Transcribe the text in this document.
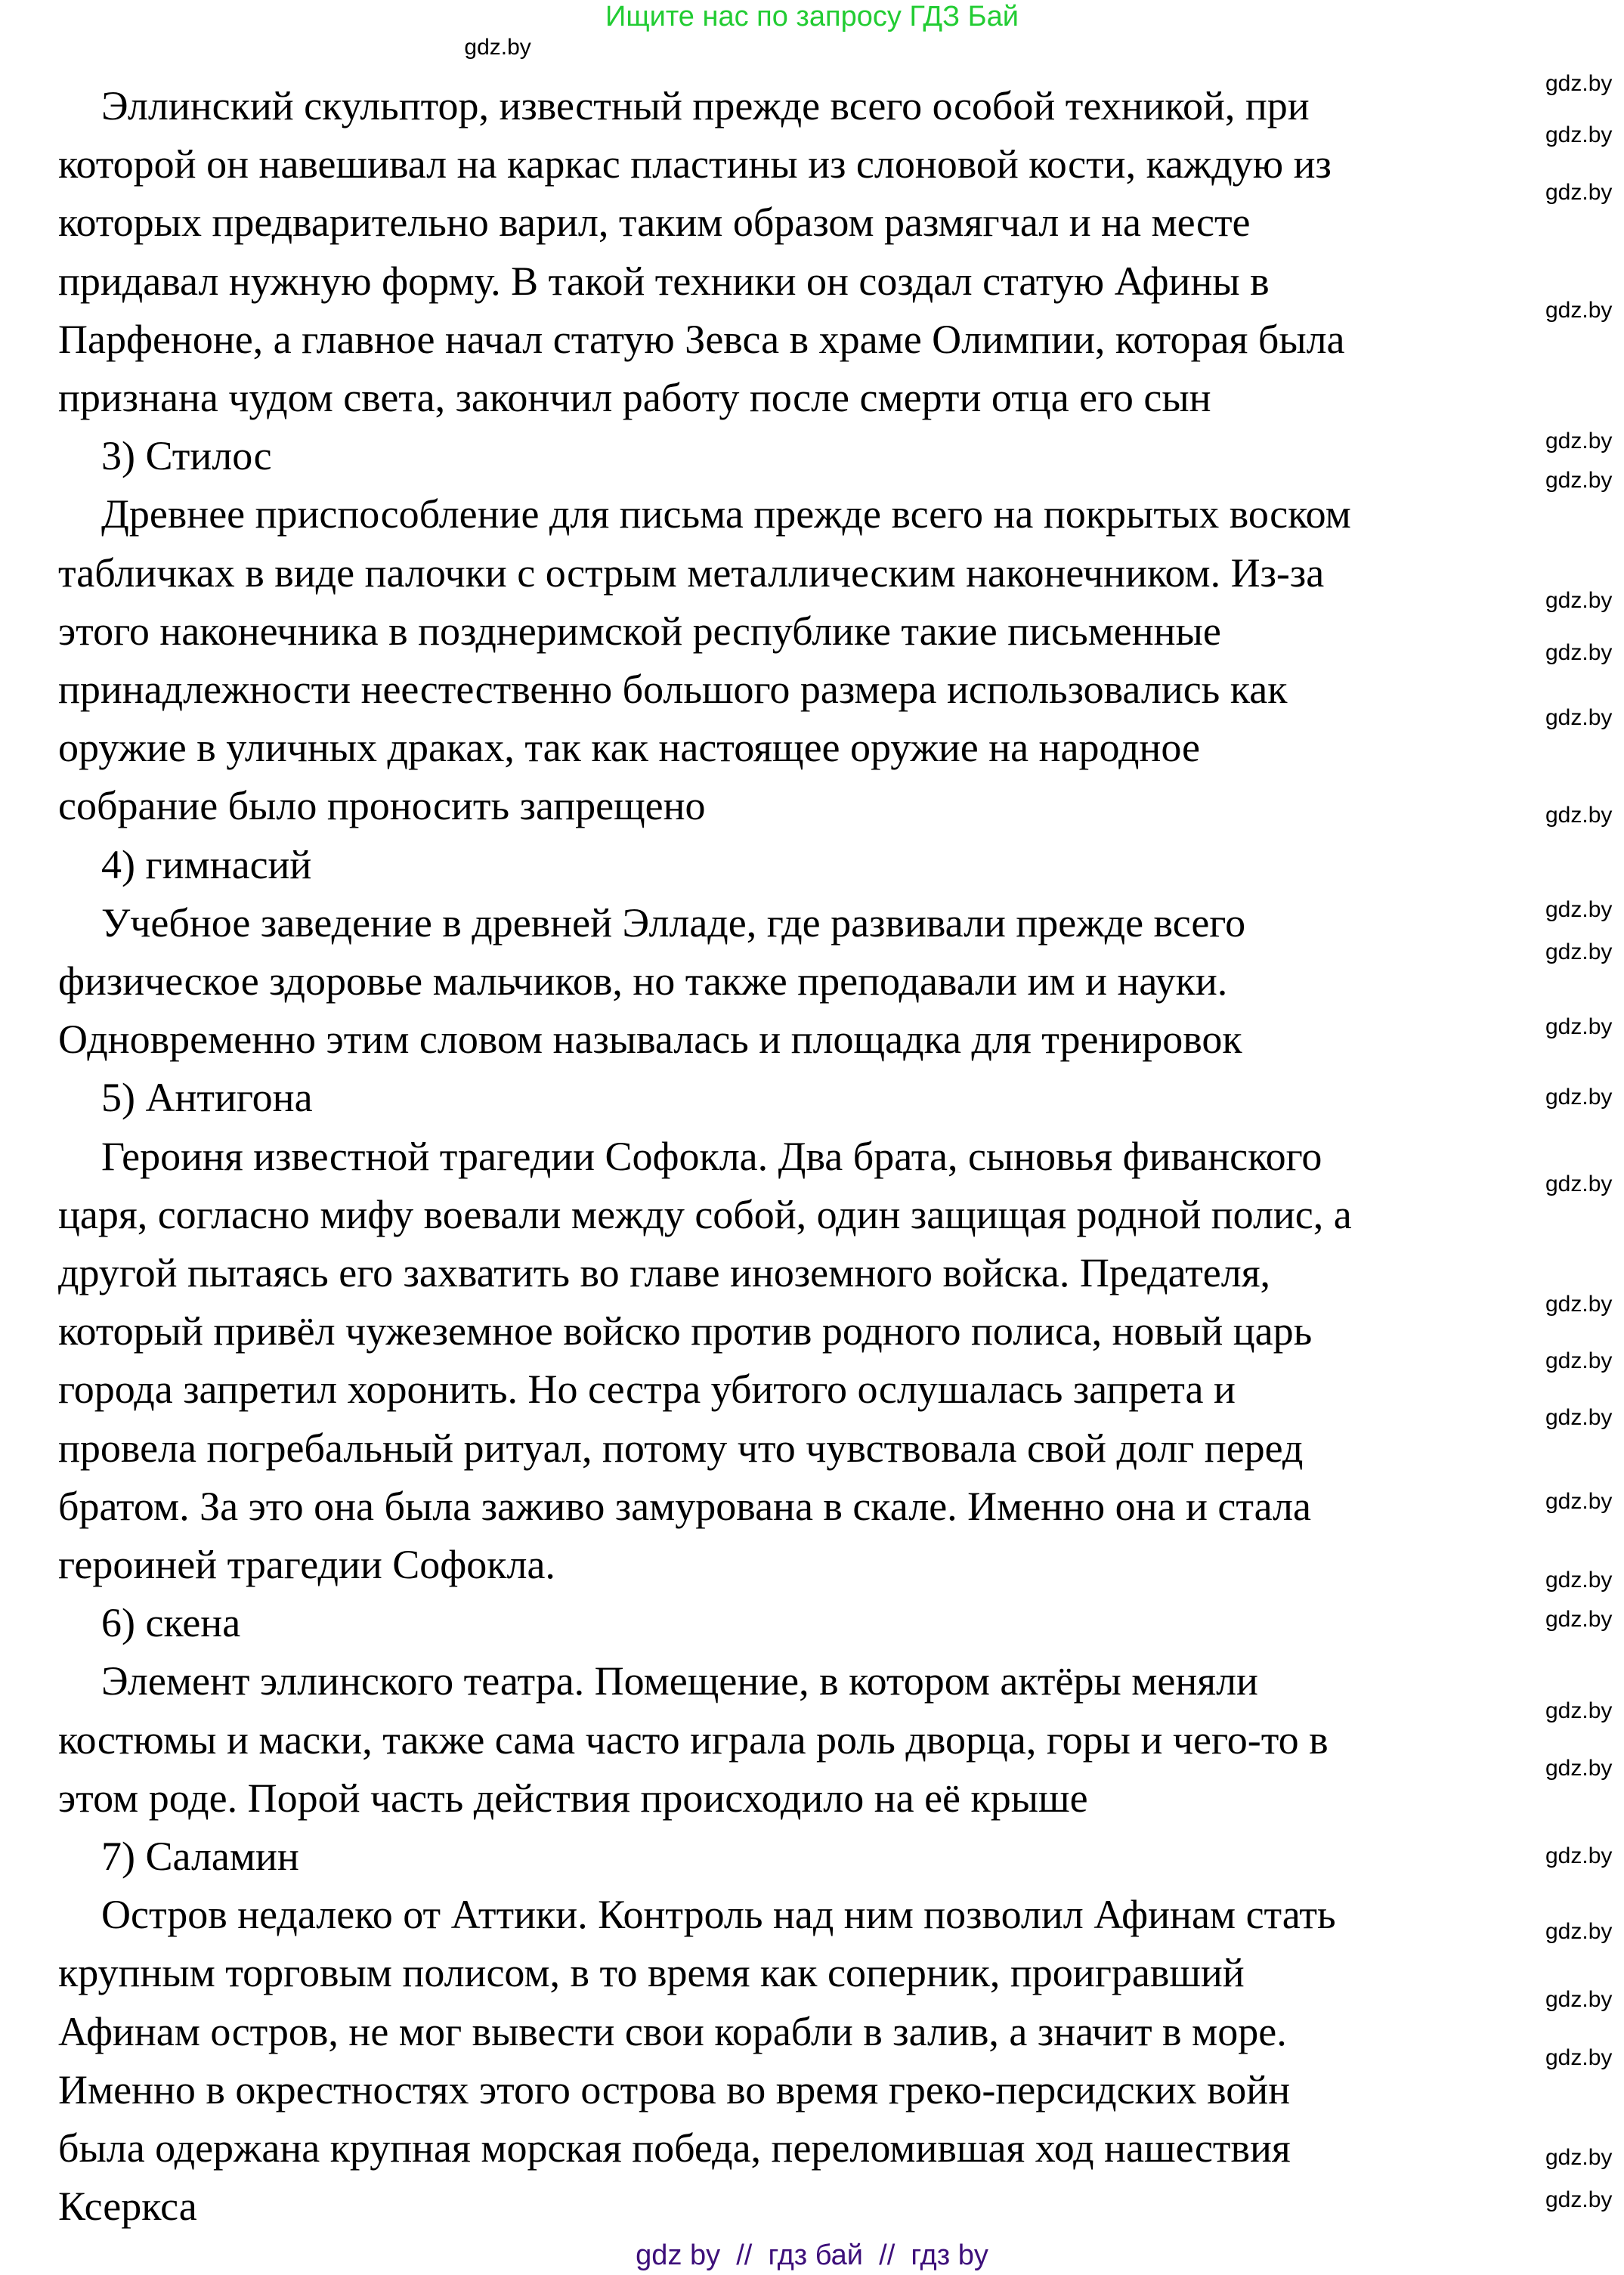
Ищите нас по запросу ГДЗ Бай
Эллинский скульптор, известный прежде всего особой техникой, при
которой он навешивал на каркас пластины из слоновой кости, каждую из
которых предварительно варил, таким образом размягчал и на месте
придавал нужную форму. В такой техники он создал статую Афины в
Парфеноне, а главное начал статую Зевса в храме Олимпии, которая была
признана чудом света, закончил работу после смерти отца его сын
3) Стилос
Древнее приспособление для письма прежде всего на покрытых воском
табличках в виде палочки с острым металлическим наконечником. Из-за
этого наконечника в позднеримской республике такие письменные
принадлежности неестественно большого размера использовались как
оружие в уличных драках, так как настоящее оружие на народное
собрание было проносить запрещено
4) гимнасий
Учебное заведение в древней Элладе, где развивали прежде всего
физическое здоровье мальчиков, но также преподавали им и науки.
Одновременно этим словом называлась и площадка для тренировок
5) Антигона
Героиня известной трагедии Софокла. Два брата, сыновья фиванского
царя, согласно мифу воевали между собой, один защищая родной полис, а
другой пытаясь его захватить во главе иноземного войска. Предателя,
который привёл чужеземное войско против родного полиса, новый царь
города запретил хоронить. Но сестра убитого ослушалась запрета и
провела погребальный ритуал, потому что чувствовала свой долг перед
братом. За это она была заживо замурована в скале. Именно она и стала
героиней трагедии Софокла.
6) скена
Элемент эллинского театра. Помещение, в котором актёры меняли
костюмы и маски, также сама часто играла роль дворца, горы и чего-то в
этом роде. Порой часть действия происходило на её крыше
7) Саламин
Остров недалеко от Аттики. Контроль над ним позволил Афинам стать
крупным торговым полисом, в то время как соперник, проигравший
Афинам остров, не мог вывести свои корабли в залив, а значит в море.
Именно в окрестностях этого острова во время греко-персидских войн
была одержана крупная морская победа, переломившая ход нашествия
Ксеркса
gdz.by
gdz.by
gdz.by
gdz.by
gdz.by
gdz.by
gdz.by
gdz.by
gdz.by
gdz.by
gdz.by
gdz.by
gdz.by
gdz.by
gdz.by
gdz.by
gdz.by
gdz.by
gdz.by
gdz.by
gdz.by
gdz.by
gdz.by
gdz.by
gdz.by
gdz.by
gdz.by
gdz.by
gdz.by
gdz.by
gdz by  //  гдз бай  //  гдз by
